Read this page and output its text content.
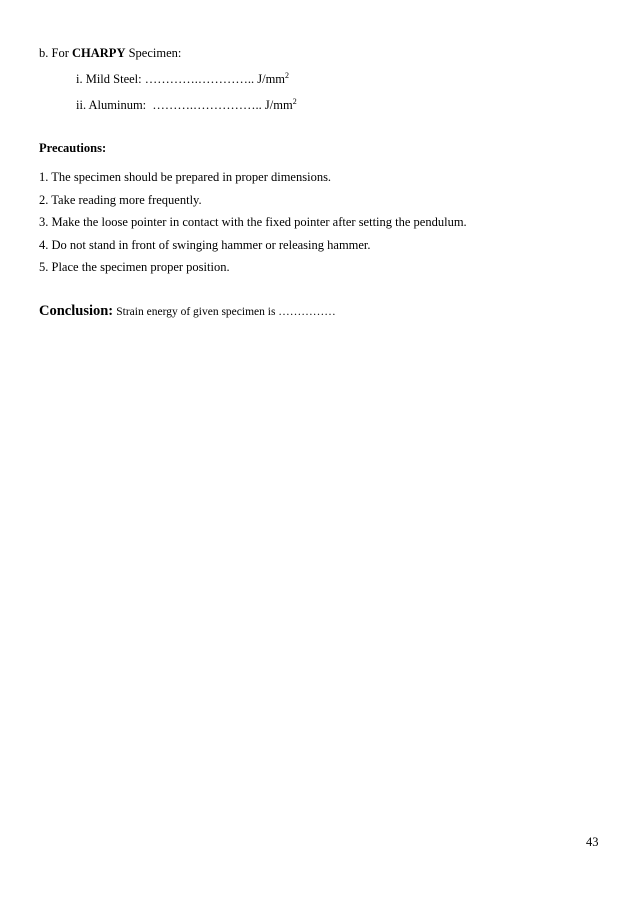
b. For CHARPY Specimen:
i. Mild Steel: ………….………….. $J/mm^2$
ii. Aluminum: ……….…………….. $J/mm^2$
Precautions:
1. The specimen should be prepared in proper dimensions.
2. Take reading more frequently.
3. Make the loose pointer in contact with the fixed pointer after setting the pendulum.
4. Do not stand in front of swinging hammer or releasing hammer.
5. Place the specimen proper position.
Conclusion: Strain energy of given specimen is ……………
43
